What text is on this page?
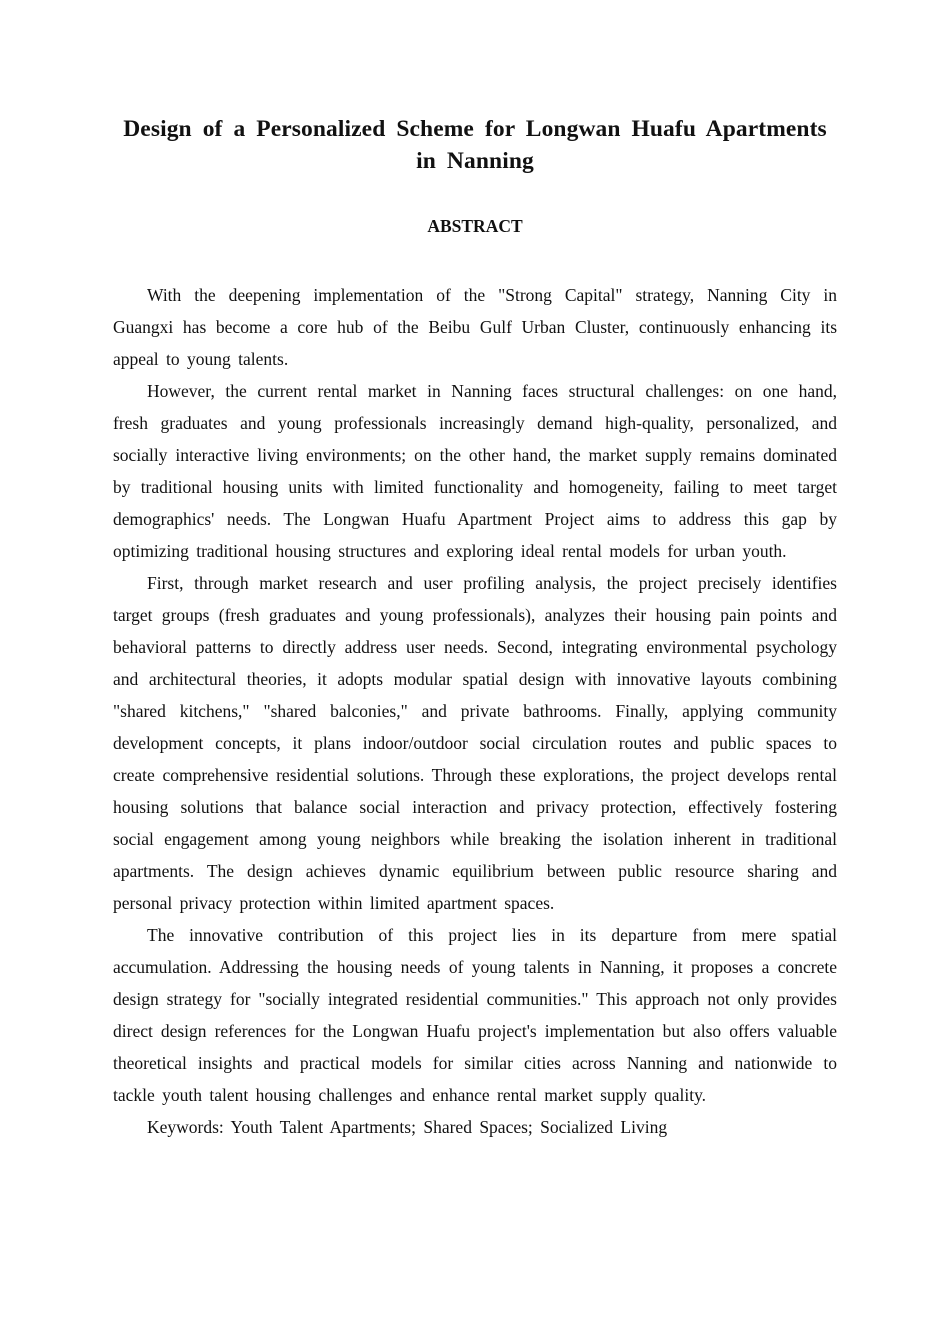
Design of a Personalized Scheme for Longwan Huafu Apartments in Nanning
ABSTRACT

With the deepening implementation of the "Strong Capital" strategy, Nanning City in Guangxi has become a core hub of the Beibu Gulf Urban Cluster, continuously enhancing its appeal to young talents.

However, the current rental market in Nanning faces structural challenges: on one hand, fresh graduates and young professionals increasingly demand high-quality, personalized, and socially interactive living environments; on the other hand, the market supply remains dominated by traditional housing units with limited functionality and homogeneity, failing to meet target demographics' needs. The Longwan Huafu Apartment Project aims to address this gap by optimizing traditional housing structures and exploring ideal rental models for urban youth.

First, through market research and user profiling analysis, the project precisely identifies target groups (fresh graduates and young professionals), analyzes their housing pain points and behavioral patterns to directly address user needs. Second, integrating environmental psychology and architectural theories, it adopts modular spatial design with innovative layouts combining "shared kitchens," "shared balconies," and private bathrooms. Finally, applying community development concepts, it plans indoor/outdoor social circulation routes and public spaces to create comprehensive residential solutions. Through these explorations, the project develops rental housing solutions that balance social interaction and privacy protection, effectively fostering social engagement among young neighbors while breaking the isolation inherent in traditional apartments. The design achieves dynamic equilibrium between public resource sharing and personal privacy protection within limited apartment spaces.

The innovative contribution of this project lies in its departure from mere spatial accumulation. Addressing the housing needs of young talents in Nanning, it proposes a concrete design strategy for "socially integrated residential communities." This approach not only provides direct design references for the Longwan Huafu project's implementation but also offers valuable theoretical insights and practical models for similar cities across Nanning and nationwide to tackle youth talent housing challenges and enhance rental market supply quality.

Keywords: Youth Talent Apartments; Shared Spaces; Socialized Living
